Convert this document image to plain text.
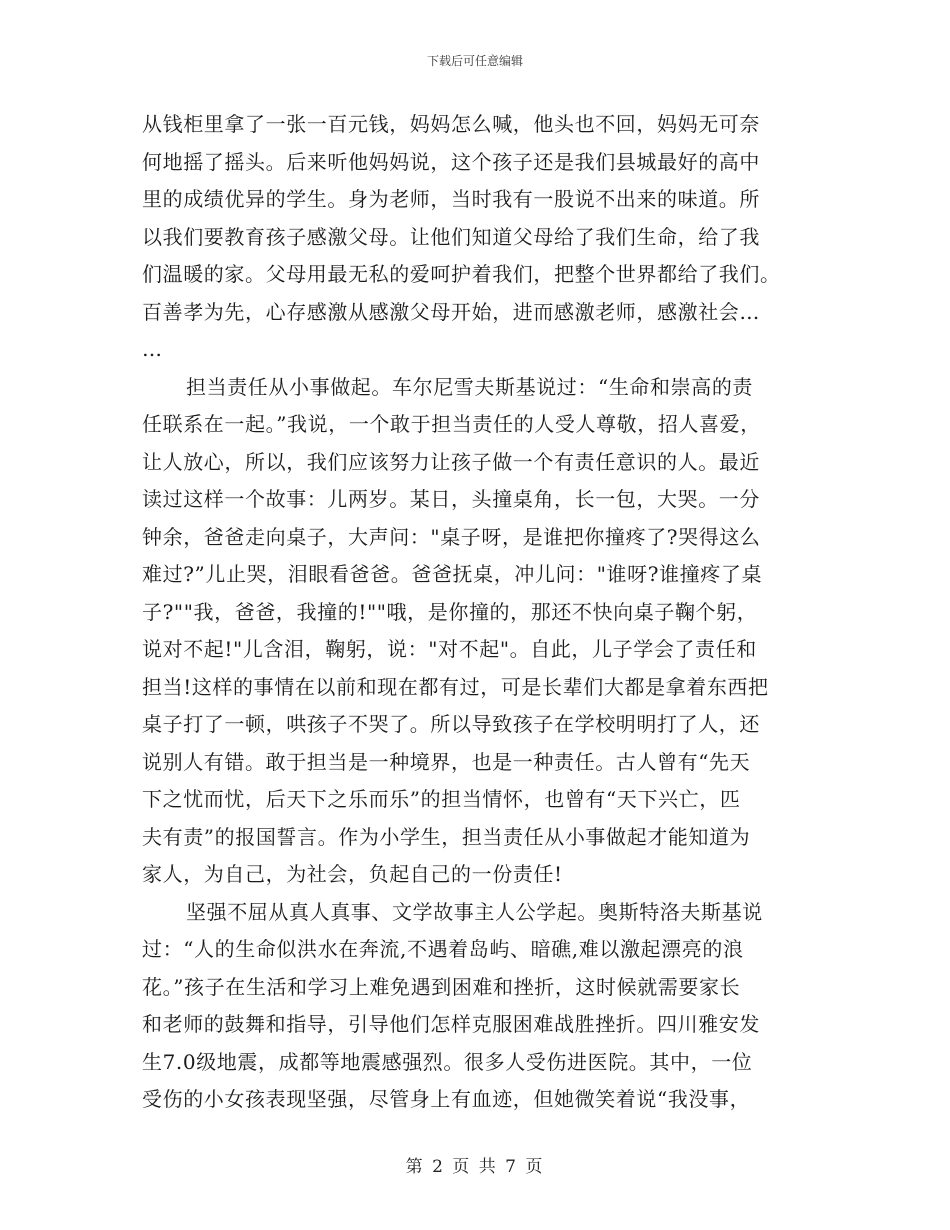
下载后可任意编辑
从钱柜里拿了一张一百元钱，妈妈怎么喊，他头也不回，妈妈无可奈
何地摇了摇头。后来听他妈妈说，这个孩子还是我们县城最好的高中
里的成绩优异的学生。身为老师，当时我有一股说不出来的味道。所
以我们要教育孩子感激父母。让他们知道父母给了我们生命，给了我
们温暖的家。父母用最无私的爱呵护着我们，把整个世界都给了我们。
百善孝为先，心存感激从感激父母开始，进而感激老师，感激社会…
…
担当责任从小事做起。车尔尼雪夫斯基说过：“生命和崇高的责
任联系在一起。”我说，一个敢于担当责任的人受人尊敬，招人喜爱，
让人放心，所以，我们应该努力让孩子做一个有责任意识的人。最近
读过这样一个故事：儿两岁。某日，头撞桌角，长一包，大哭。一分
钟余，爸爸走向桌子，大声问："桌子呀，是谁把你撞疼了?哭得这么
难过?”儿止哭，泪眼看爸爸。爸爸抚桌，冲儿问："谁呀?谁撞疼了桌
子?""我，爸爸，我撞的!""哦，是你撞的，那还不快向桌子鞠个躬，
说对不起!"儿含泪，鞠躬，说："对不起"。自此，儿子学会了责任和
担当!这样的事情在以前和现在都有过，可是长辈们大都是拿着东西把
桌子打了一顿，哄孩子不哭了。所以导致孩子在学校明明打了人，还
说别人有错。敢于担当是一种境界，也是一种责任。古人曾有“先天
下之忧而忧，后天下之乐而乐”的担当情怀，也曾有“天下兴亡，匹
夫有责”的报国誓言。作为小学生，担当责任从小事做起才能知道为
家人，为自己，为社会，负起自己的一份责任!
坚强不屈从真人真事、文学故事主人公学起。奥斯特洛夫斯基说
过：“人的生命似洪水在奔流,不遇着岛屿、暗礁,难以激起漂亮的浪
花。”孩子在生活和学习上难免遇到困难和挫折，这时候就需要家长
和老师的鼓舞和指导，引导他们怎样克服困难战胜挫折。四川雅安发
生7.0级地震，成都等地震感强烈。很多人受伤进医院。其中，一位
受伤的小女孩表现坚强，尽管身上有血迹，但她微笑着说“我没事，
第 2 页 共 7 页
